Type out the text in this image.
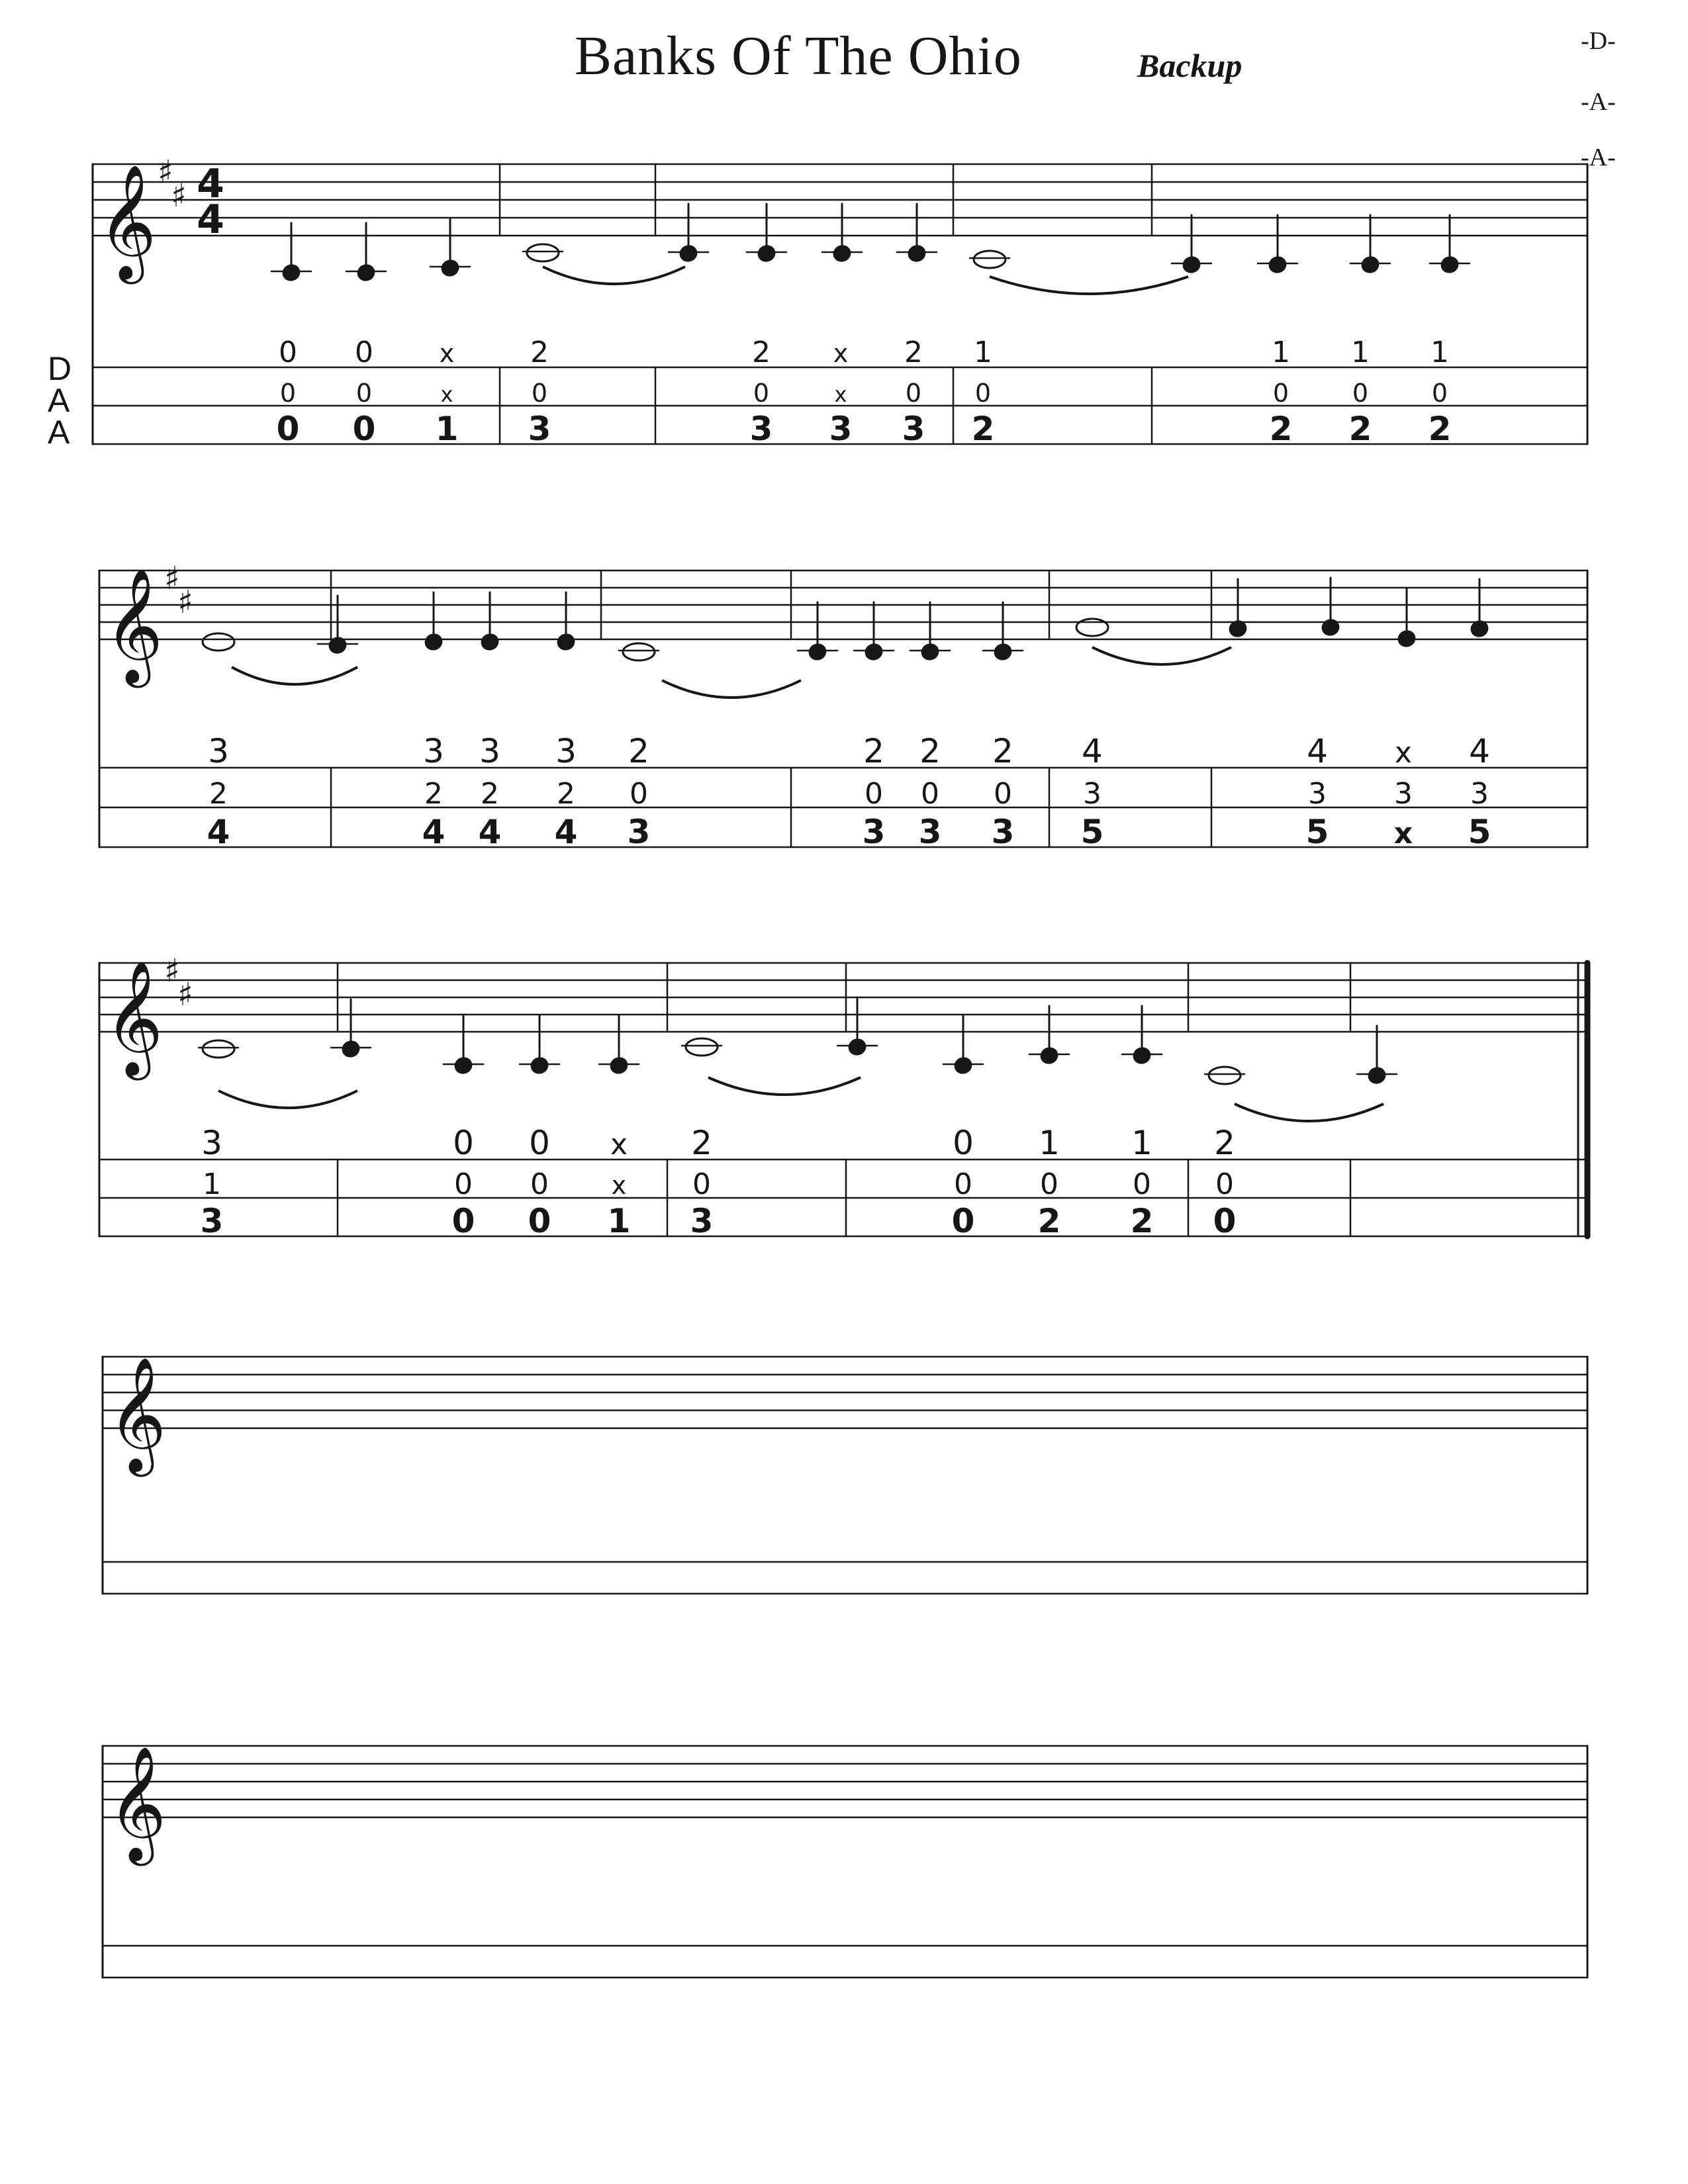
Banks Of The Ohio	Backup
-D-
-A-
-A-
D
A
A
𝄞 ♯
♯ 4
4
0
0
0
0
0
0
x
x
1
2
0
3
2
0
3
x
x
3
2
0
3
1
0
2
1
0
2
1
0
2
1
0
2
𝄞 ♯
♯
3
2
4
3
2
4
3
2
4
3
2
4
2
0
3
2
0
3
2
0
3
2
0
3
4
3
5
4
3
5
x
3
x
4
3
5
𝄞 ♯
♯
3
1
3
0
0
0
0
0
0
x
x
1
2
0
3
0
0
0
1
0
2
1
0
2
2
0
0
𝄞
𝄞
